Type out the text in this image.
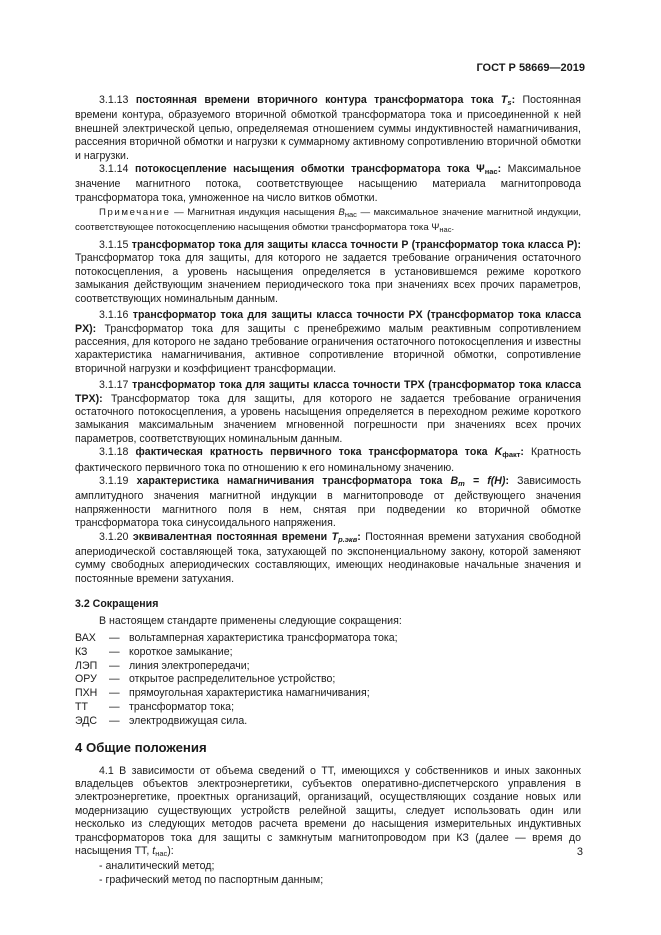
ГОСТ Р 58669—2019

3.1.13 постоянная времени вторичного контура трансформатора тока $T_s$: Постоянная времени контура, образуемого вторичной обмоткой трансформатора тока и присоединенной к ней внешней электрической цепью, определяемая отношением суммы индуктивностей намагничивания, рассеяния вторичной обмотки и нагрузки к суммарному активному сопротивлению вторичной обмотки и нагрузки.

3.1.14 потокосцепление насыщения обмотки трансформатора тока $\Psi_{нас}$: Максимальное значение магнитного потока, соответствующее насыщению материала магнитопровода трансформатора тока, умноженное на число витков обмотки.

Примечание — Магнитная индукция насыщения $B_{нас}$ — максимальное значение магнитной индукции, соответствующее потокосцеплению насыщения обмотки трансформатора тока $\Psi_{нас}$.

3.1.15 трансформатор тока для защиты класса точности P (трансформатор тока класса P): Трансформатор тока для защиты, для которого не задается требование ограничения остаточного потокосцепления, а уровень насыщения определяется в установившемся режиме короткого замыкания действующим значением периодического тока при значениях всех прочих параметров, соответствующих номинальным данным.

3.1.16 трансформатор тока для защиты класса точности PX (трансформатор тока класса PX): Трансформатор тока для защиты с пренебрежимо малым реактивным сопротивлением рассеяния, для которого не задано требование ограничения остаточного потокосцепления и известны характеристика намагничивания, активное сопротивление вторичной обмотки, сопротивление вторичной нагрузки и коэффициент трансформации.

3.1.17 трансформатор тока для защиты класса точности TPX (трансформатор тока класса TPX): Трансформатор тока для защиты, для которого не задается требование ограничения остаточного потокосцепления, а уровень насыщения определяется в переходном режиме короткого замыкания максимальным значением мгновенной погрешности при значениях всех прочих параметров, соответствующих номинальным данным.

3.1.18 фактическая кратность первичного тока трансформатора тока $K_{факт}$: Кратность фактического первичного тока по отношению к его номинальному значению.

3.1.19 характеристика намагничивания трансформатора тока $B_m = f(H)$: Зависимость амплитудного значения магнитной индукции в магнитопроводе от действующего значения напряженности магнитного поля в нем, снятая при подведении ко вторичной обмотке трансформатора тока синусоидального напряжения.

3.1.20 эквивалентная постоянная времени $T_{p.экв}$: Постоянная времени затухания свободной апериодической составляющей тока, затухающей по экспоненциальному закону, которой заменяют сумму свободных апериодических составляющих, имеющих неодинаковые начальные значения и постоянные времени затухания.

3.2 Сокращения

В настоящем стандарте применены следующие сокращения:

ВАХ	— вольтамперная характеристика трансформатора тока;
КЗ	— короткое замыкание;
ЛЭП	— линия электропередачи;
ОРУ	— открытое распределительное устройство;
ПХН	— прямоугольная характеристика намагничивания;
ТТ	— трансформатор тока;
ЭДС	— электродвижущая сила.

4 Общие положения

4.1 В зависимости от объема сведений о ТТ, имеющихся у собственников и иных законных владельцев объектов электроэнергетики, субъектов оперативно-диспетчерского управления в электроэнергетике, проектных организаций, организаций, осуществляющих создание новых или модернизацию существующих устройств релейной защиты, следует использовать один или несколько из следующих методов расчета времени до насыщения измерительных индуктивных трансформаторов тока для защиты с замкнутым магнитопроводом при КЗ (далее — время до насыщения ТТ, $t_{нас}$):

- аналитический метод;

- графический метод по паспортным данным;

3
